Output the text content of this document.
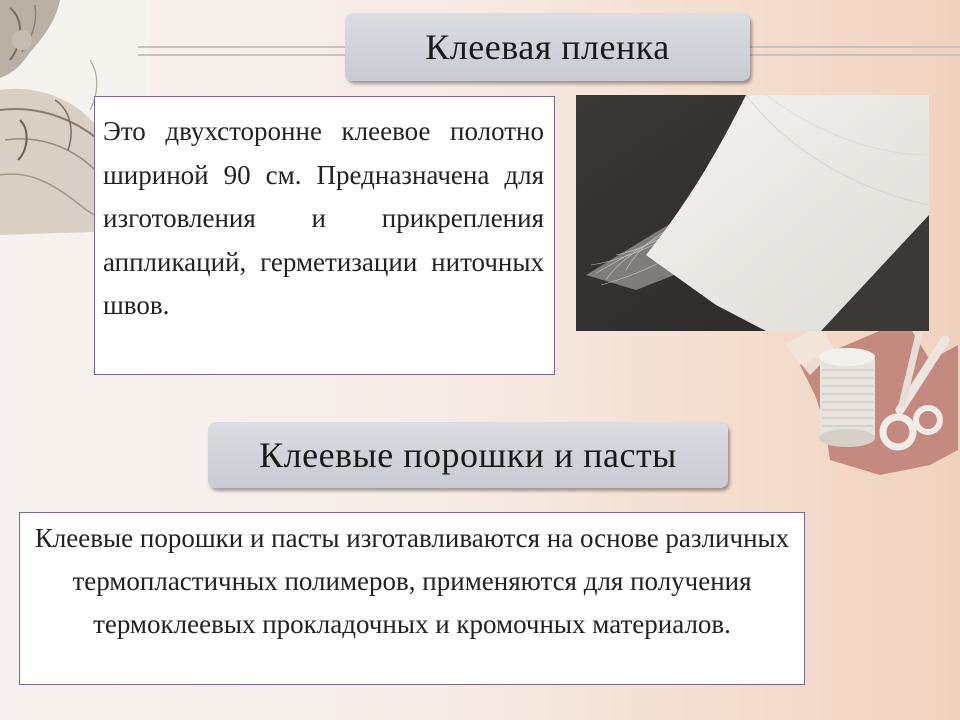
Клеевая пленка

Это двухсторонне клеевое полотно шириной 90 см. Предназначена для изготовления и прикрепления аппликаций, герметизации ниточных швов.

Клеевые порошки и пасты

Клеевые порошки и пасты изготавливаются на основе различных термопластичных полимеров, применяются для получения термоклеевых прокладочных и кромочных материалов.
